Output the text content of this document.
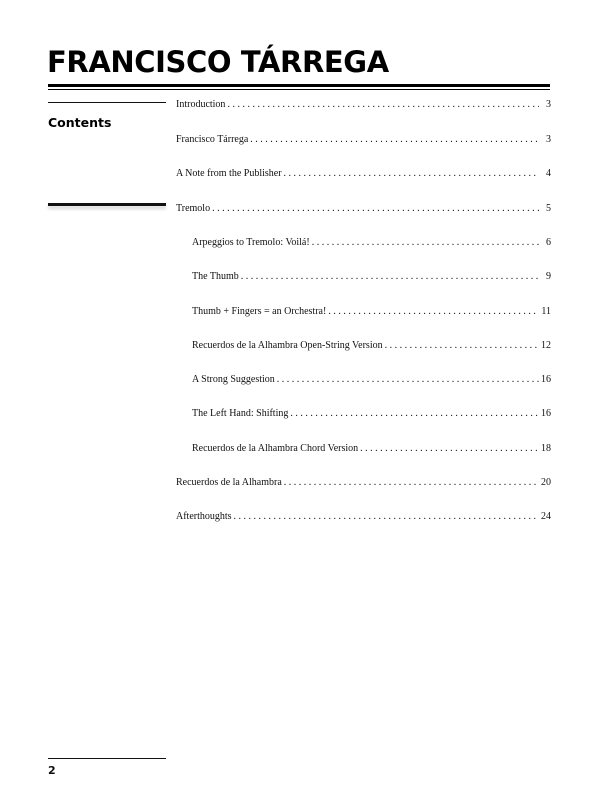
FRANCISCO TÁRREGA
Contents
Introduction . . .	3
Francisco Tárrega . . .	3
A Note from the Publisher . . .	4
Tremolo . . .	5
Arpeggios to Tremolo: Voilá! . . .	6
The Thumb . . .	9
Thumb + Fingers = an Orchestra! . . .	11
Recuerdos de la Alhambra Open-String Version . . .	12
A Strong Suggestion . . .	16
The Left Hand: Shifting . . .	16
Recuerdos de la Alhambra Chord Version . . .	18
Recuerdos de la Alhambra . . .	20
Afterthoughts . . .	24
2
